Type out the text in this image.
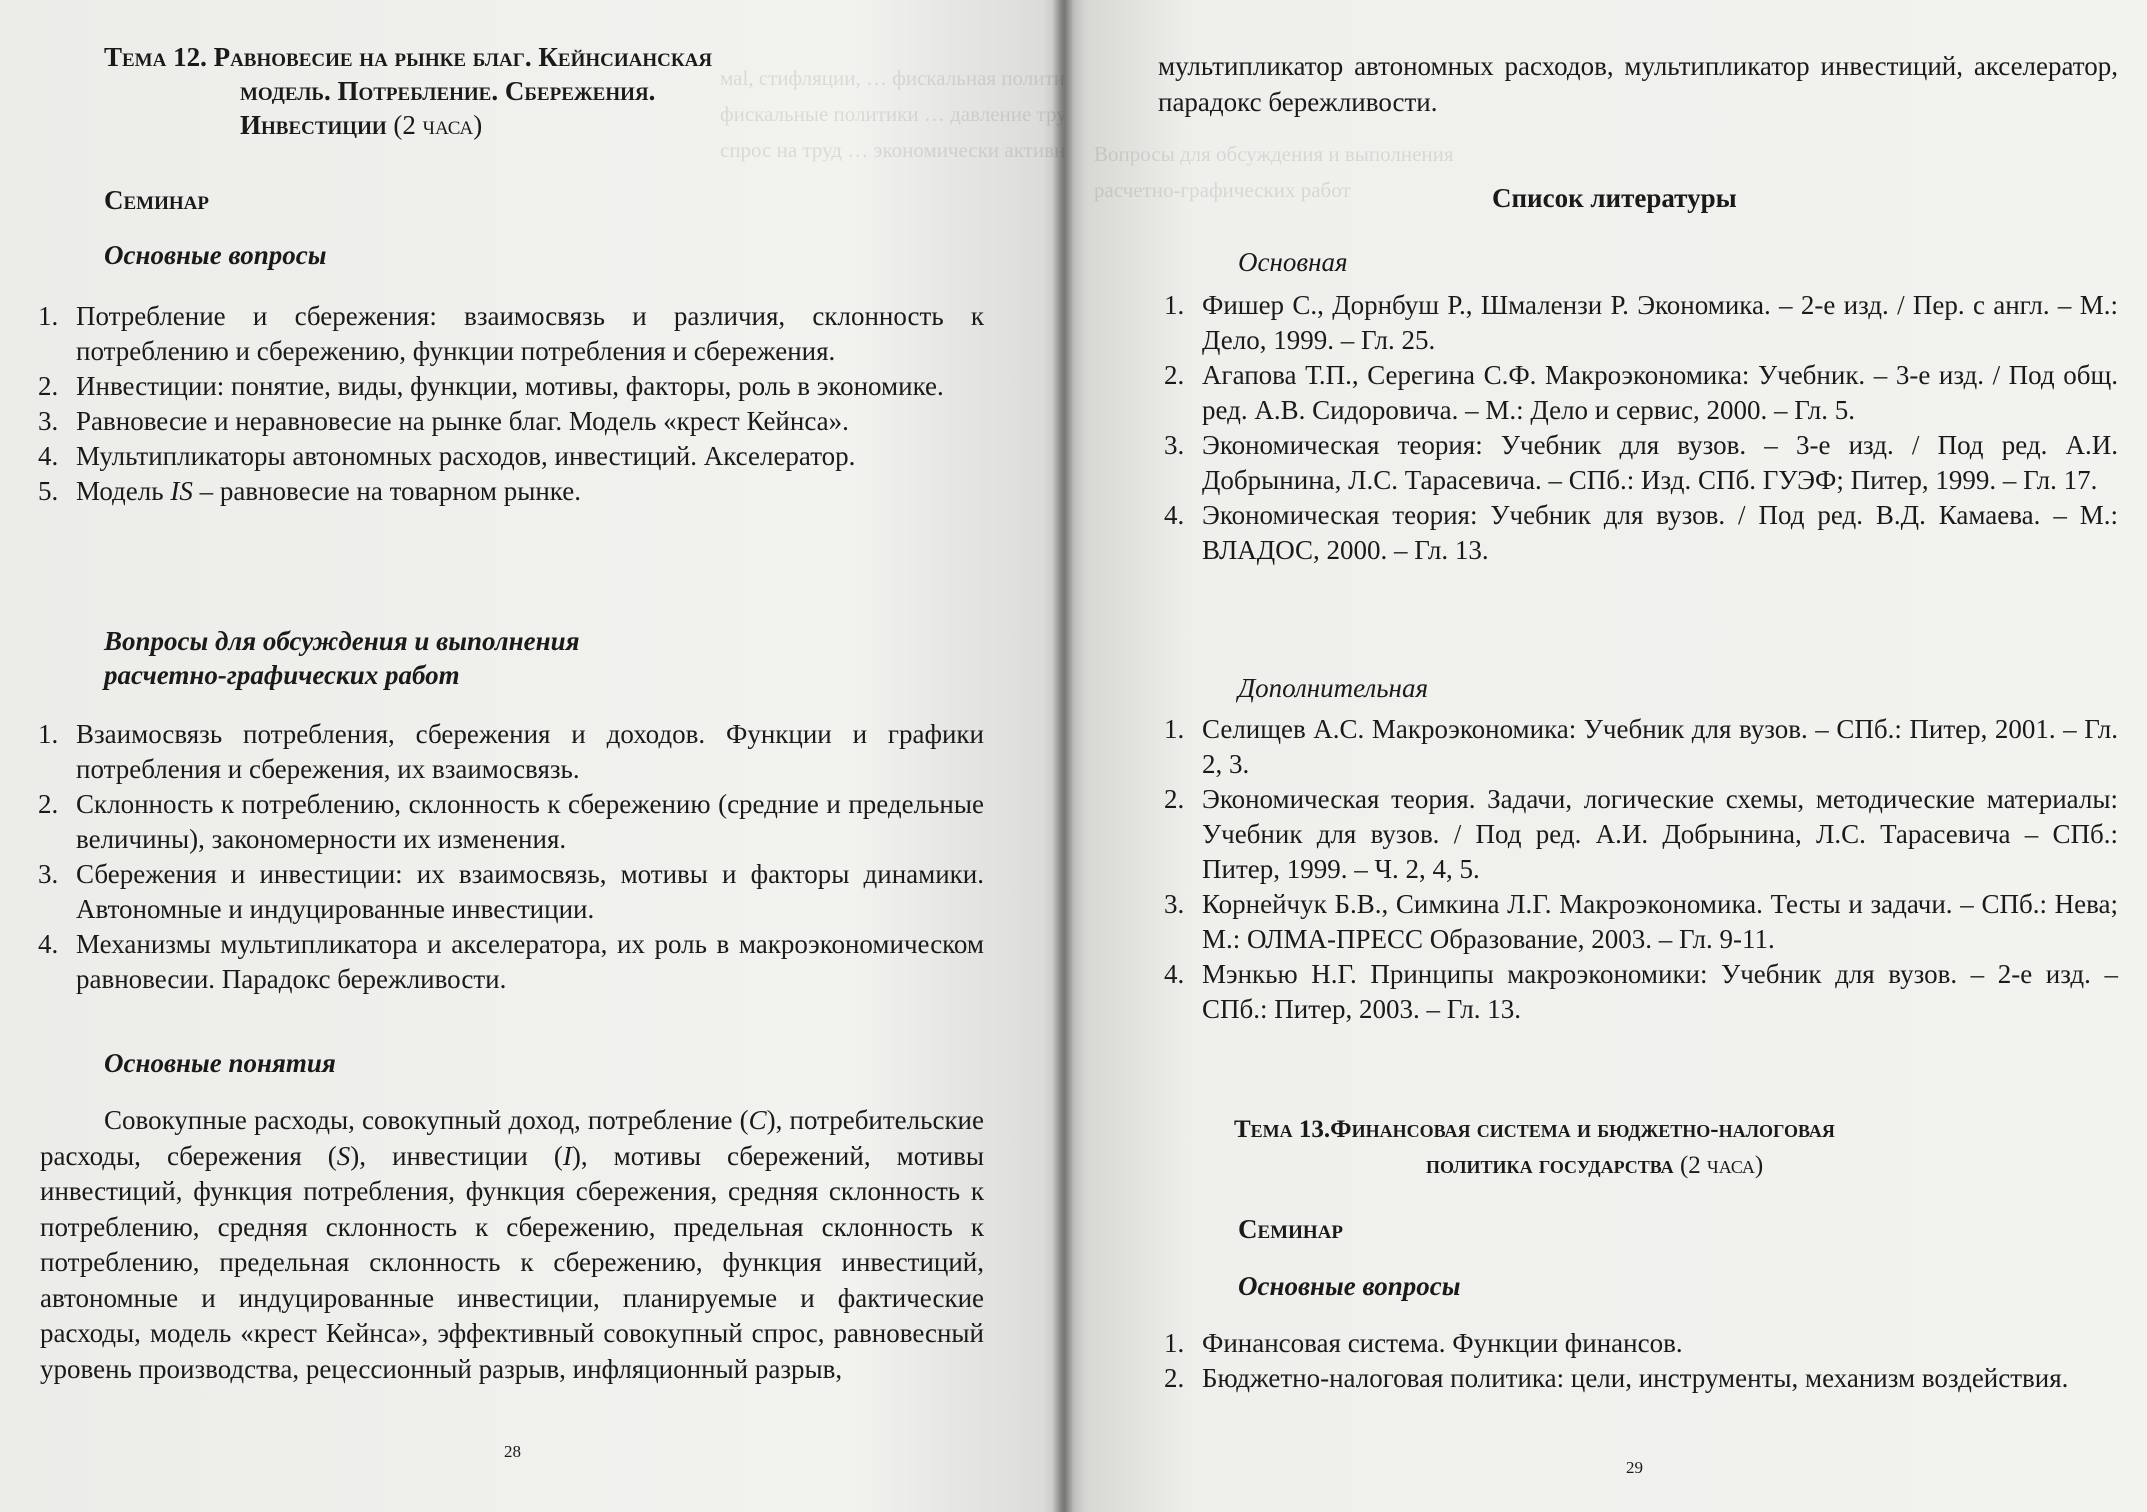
маl, стифляции, … фискальная политика, автоно-
фискальные политики … давление труда,
спрос на труд … экономически активное насе-
Тема 12. Равновесие на рынке благ. Кейнсианская
модель. Потребление. Сбережения.
Инвестиции (2 часа)
Семинар
Основные вопросы
1. Потребление и сбережения: взаимосвязь и различия, склонность к потреблению и сбережению, функции потребления и сбережения.
2. Инвестиции: понятие, виды, функции, мотивы, факторы, роль в экономике.
3. Равновесие и неравновесие на рынке благ. Модель «крест Кейнса».
4. Мультипликаторы автономных расходов, инвестиций. Акселератор.
5. Модель IS – равновесие на товарном рынке.
Вопросы для обсуждения и выполнения
расчетно-графических работ
1. Взаимосвязь потребления, сбережения и доходов. Функции и графики потребления и сбережения, их взаимосвязь.
2. Склонность к потреблению, склонность к сбережению (средние и предельные величины), закономерности их изменения.
3. Сбережения и инвестиции: их взаимосвязь, мотивы и факторы динамики. Автономные и индуцированные инвестиции.
4. Механизмы мультипликатора и акселератора, их роль в макроэкономическом равновесии. Парадокс бережливости.
Основные понятия
Совокупные расходы, совокупный доход, потребление (C), потребительские расходы, сбережения (S), инвестиции (I), мотивы сбережений, мотивы инвестиций, функция потребления, функция сбережения, средняя склонность к потреблению, средняя склонность к сбережению, предельная склонность к потреблению, предельная склонность к сбережению, функция инвестиций, автономные и индуцированные инвестиции, планируемые и фактические расходы, модель «крест Кейнса», эффективный совокупный спрос, равновесный уровень производства, рецессионный разрыв, инфляционный разрыв,
28
Вопросы для обсуждения и выполнения
расчетно-графических работ
мультипликатор автономных расходов, мультипликатор инвестиций, акселератор, парадокс бережливости.
Список литературы
Основная
1. Фишер С., Дорнбуш Р., Шмалензи Р. Экономика. – 2-е изд. / Пер. с англ. – М.: Дело, 1999. – Гл. 25.
2. Агапова Т.П., Серегина С.Ф. Макроэкономика: Учебник. – 3-е изд. / Под общ. ред. А.В. Сидоровича. – М.: Дело и сервис, 2000. – Гл. 5.
3. Экономическая теория: Учебник для вузов. – 3-е изд. / Под ред. А.И. Добрынина, Л.С. Тарасевича. – СПб.: Изд. СПб. ГУЭФ; Питер, 1999. – Гл. 17.
4. Экономическая теория: Учебник для вузов. / Под ред. В.Д. Камаева. – М.: ВЛАДОС, 2000. – Гл. 13.
Дополнительная
1. Селищев А.С. Макроэкономика: Учебник для вузов. – СПб.: Питер, 2001. – Гл. 2, 3.
2. Экономическая теория. Задачи, логические схемы, методические материалы: Учебник для вузов. / Под ред. А.И. Добрынина, Л.С. Тарасевича – СПб.: Питер, 1999. – Ч. 2, 4, 5.
3. Корнейчук Б.В., Симкина Л.Г. Макроэкономика. Тесты и задачи. – СПб.: Нева; М.: ОЛМА-ПРЕСС Образование, 2003. – Гл. 9-11.
4. Мэнкью Н.Г. Принципы макроэкономики: Учебник для вузов. – 2-е изд. – СПб.: Питер, 2003. – Гл. 13.
Тема 13.Финансовая система и бюджетно-налоговая
политика государства (2 часа)
Семинар
Основные вопросы
1. Финансовая система. Функции финансов.
2. Бюджетно-налоговая политика: цели, инструменты, механизм воздействия.
29
